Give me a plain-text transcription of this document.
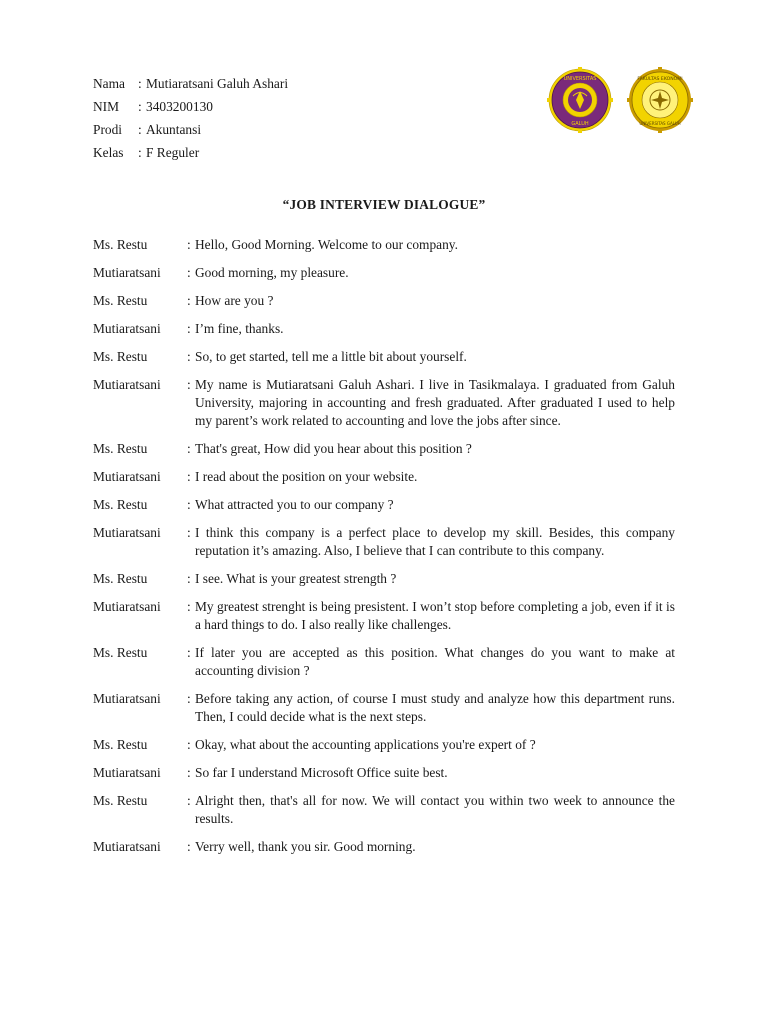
Nama : Mutiaratsani Galuh Ashari
NIM	: 3403200130
Prodi	: Akuntansi
Kelas	: F Reguler
UNIVERSITAS
GALUH
FAKULTAS EKONOMI
UNIVERSITAS GALUH
“JOB INTERVIEW DIALOGUE”
Ms. Restu	: Hello, Good Morning. Welcome to our company.
Mutiaratsani	: Good morning, my pleasure.
Ms. Restu	: How are you ?
Mutiaratsani	: I’m fine, thanks.
Ms. Restu	: So, to get started, tell me a little bit about yourself.
Mutiaratsani	: My name is Mutiaratsani Galuh Ashari. I live in Tasikmalaya. I graduated from Galuh University, majoring in accounting and fresh graduated. After graduated I used to help my parent’s work related to accounting and love the jobs after since.
Ms. Restu	: That's great, How did you hear about this position ?
Mutiaratsani	: I read about the position on your website.
Ms. Restu	: What attracted you to our company ?
Mutiaratsani	: I think this company is a perfect place to develop my skill. Besides, this company reputation it’s amazing. Also, I believe that I can contribute to this company.
Ms. Restu	: I see. What is your greatest strength ?
Mutiaratsani	: My greatest strenght is being presistent. I won’t stop before completing a job, even if it is a hard things to do. I also really like challenges.
Ms. Restu	: If later you are accepted as this position. What changes do you want to make at accounting division ?
Mutiaratsani	: Before taking any action, of course I must study and analyze how this department runs. Then, I could decide what is the next steps.
Ms. Restu	: Okay, what about the accounting applications you're expert of ?
Mutiaratsani	: So far I understand Microsoft Office suite best.
Ms. Restu	: Alright then, that's all for now. We will contact you within two week to announce the results.
Mutiaratsani	: Verry well, thank you sir. Good morning.
